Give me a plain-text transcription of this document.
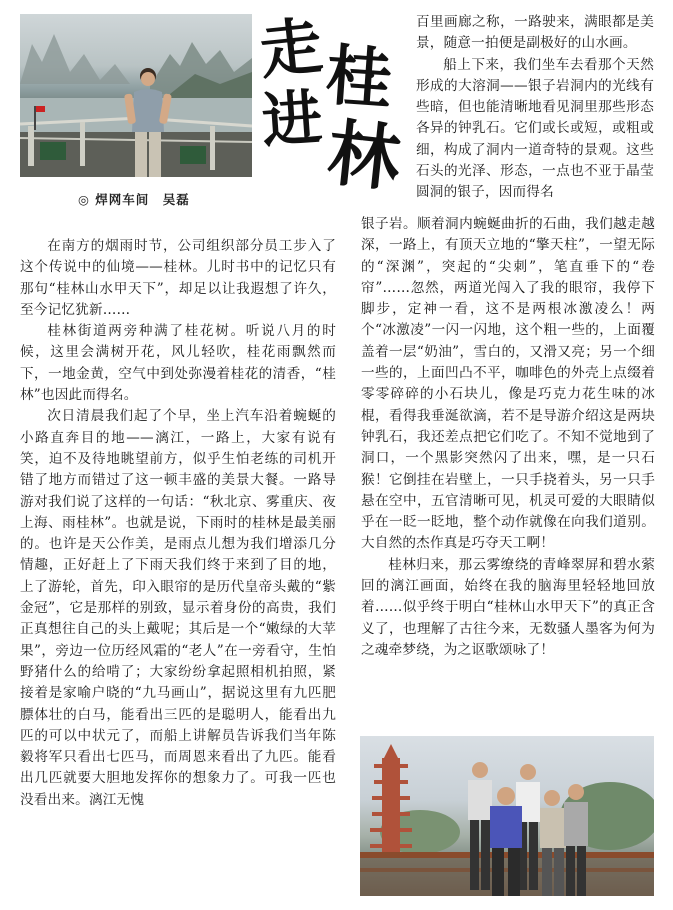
◎ 焊网车间　吴磊
走
桂
进 林

在南方的烟雨时节，公司组织部分员工步入了这个传说中的仙境——桂林。儿时书中的记忆只有那句“桂林山水甲天下”，却足以让我遐想了许久，至今记忆犹新……

桂林街道两旁种满了桂花树。听说八月的时候，这里会满树开花，风儿轻吹，桂花雨飘然而下，一地金黄，空气中到处弥漫着桂花的清香，“桂林”也因此而得名。

次日清晨我们起了个早，坐上汽车沿着蜿蜒的小路直奔目的地——漓江，一路上，大家有说有笑，迫不及待地眺望前方，似乎生怕老练的司机开错了地方而错过了这一顿丰盛的美景大餐。一路导游对我们说了这样的一句话：“秋北京、雾重庆、夜上海、雨桂林”。也就是说，下雨时的桂林是最美丽的。也许是天公作美，是雨点儿想为我们增添几分情趣，正好赶上了下雨天我们终于来到了目的地，上了游轮，首先，印入眼帘的是历代皇帝头戴的“紫金冠”，它是那样的别致，显示着身份的高贵，我们正真想往自己的头上戴呢；其后是一个“嫩绿的大苹果”，旁边一位历经风霜的“老人”在一旁看守，生怕野猪什么的给啃了；大家纷纷拿起照相机拍照，紧接着是家喻户晓的“九马画山”，据说这里有九匹肥膘体壮的白马，能看出三匹的是聪明人，能看出九匹的可以中状元了，而船上讲解员告诉我们当年陈毅将军只看出七匹马，而周恩来看出了九匹。能看出几匹就要大胆地发挥你的想象力了。可我一匹也没看出来。漓江无愧

百里画廊之称，一路驶来，满眼都是美景，随意一拍便是副极好的山水画。

船上下来，我们坐车去看那个天然形成的大溶洞——银子岩洞内的光线有些暗，但也能清晰地看见洞里那些形态各异的钟乳石。它们或长或短，或粗或细，构成了洞内一道奇特的景观。这些石头的光泽、形态，一点也不亚于晶莹圆洞的银子，因而得名

银子岩。顺着洞内蜿蜒曲折的石曲，我们越走越深，一路上，有顶天立地的“擎天柱”，一望无际的“深渊”，突起的“尖刺”，笔直垂下的“卷帘”……忽然，两道光闯入了我的眼帘，我停下脚步，定神一看，这不是两根冰激凌么！两个“冰激凌”一闪一闪地，这个粗一些的，上面覆盖着一层“奶油”，雪白的，又滑又亮；另一个细一些的，上面凹凸不平，咖啡色的外壳上点缀着零零碎碎的小石块儿，像是巧克力花生味的冰棍，看得我垂涎欲滴，若不是导游介绍这是两块钟乳石，我还差点把它们吃了。不知不觉地到了洞口，一个黑影突然闪了出来，嘿，是一只石猴！它倒挂在岩壁上，一只手挠着头，另一只手悬在空中，五官清晰可见，机灵可爱的大眼睛似乎在一眨一眨地，整个动作就像在向我们道别。大自然的杰作真是巧夺天工啊！

桂林归来，那云雾缭绕的青峰翠屏和碧水萦回的漓江画面，始终在我的脑海里轻轻地回放着……似乎终于明白“桂林山水甲天下”的真正含义了，也理解了古往今来，无数骚人墨客为何为之魂牵梦绕，为之讴歌颂咏了！
